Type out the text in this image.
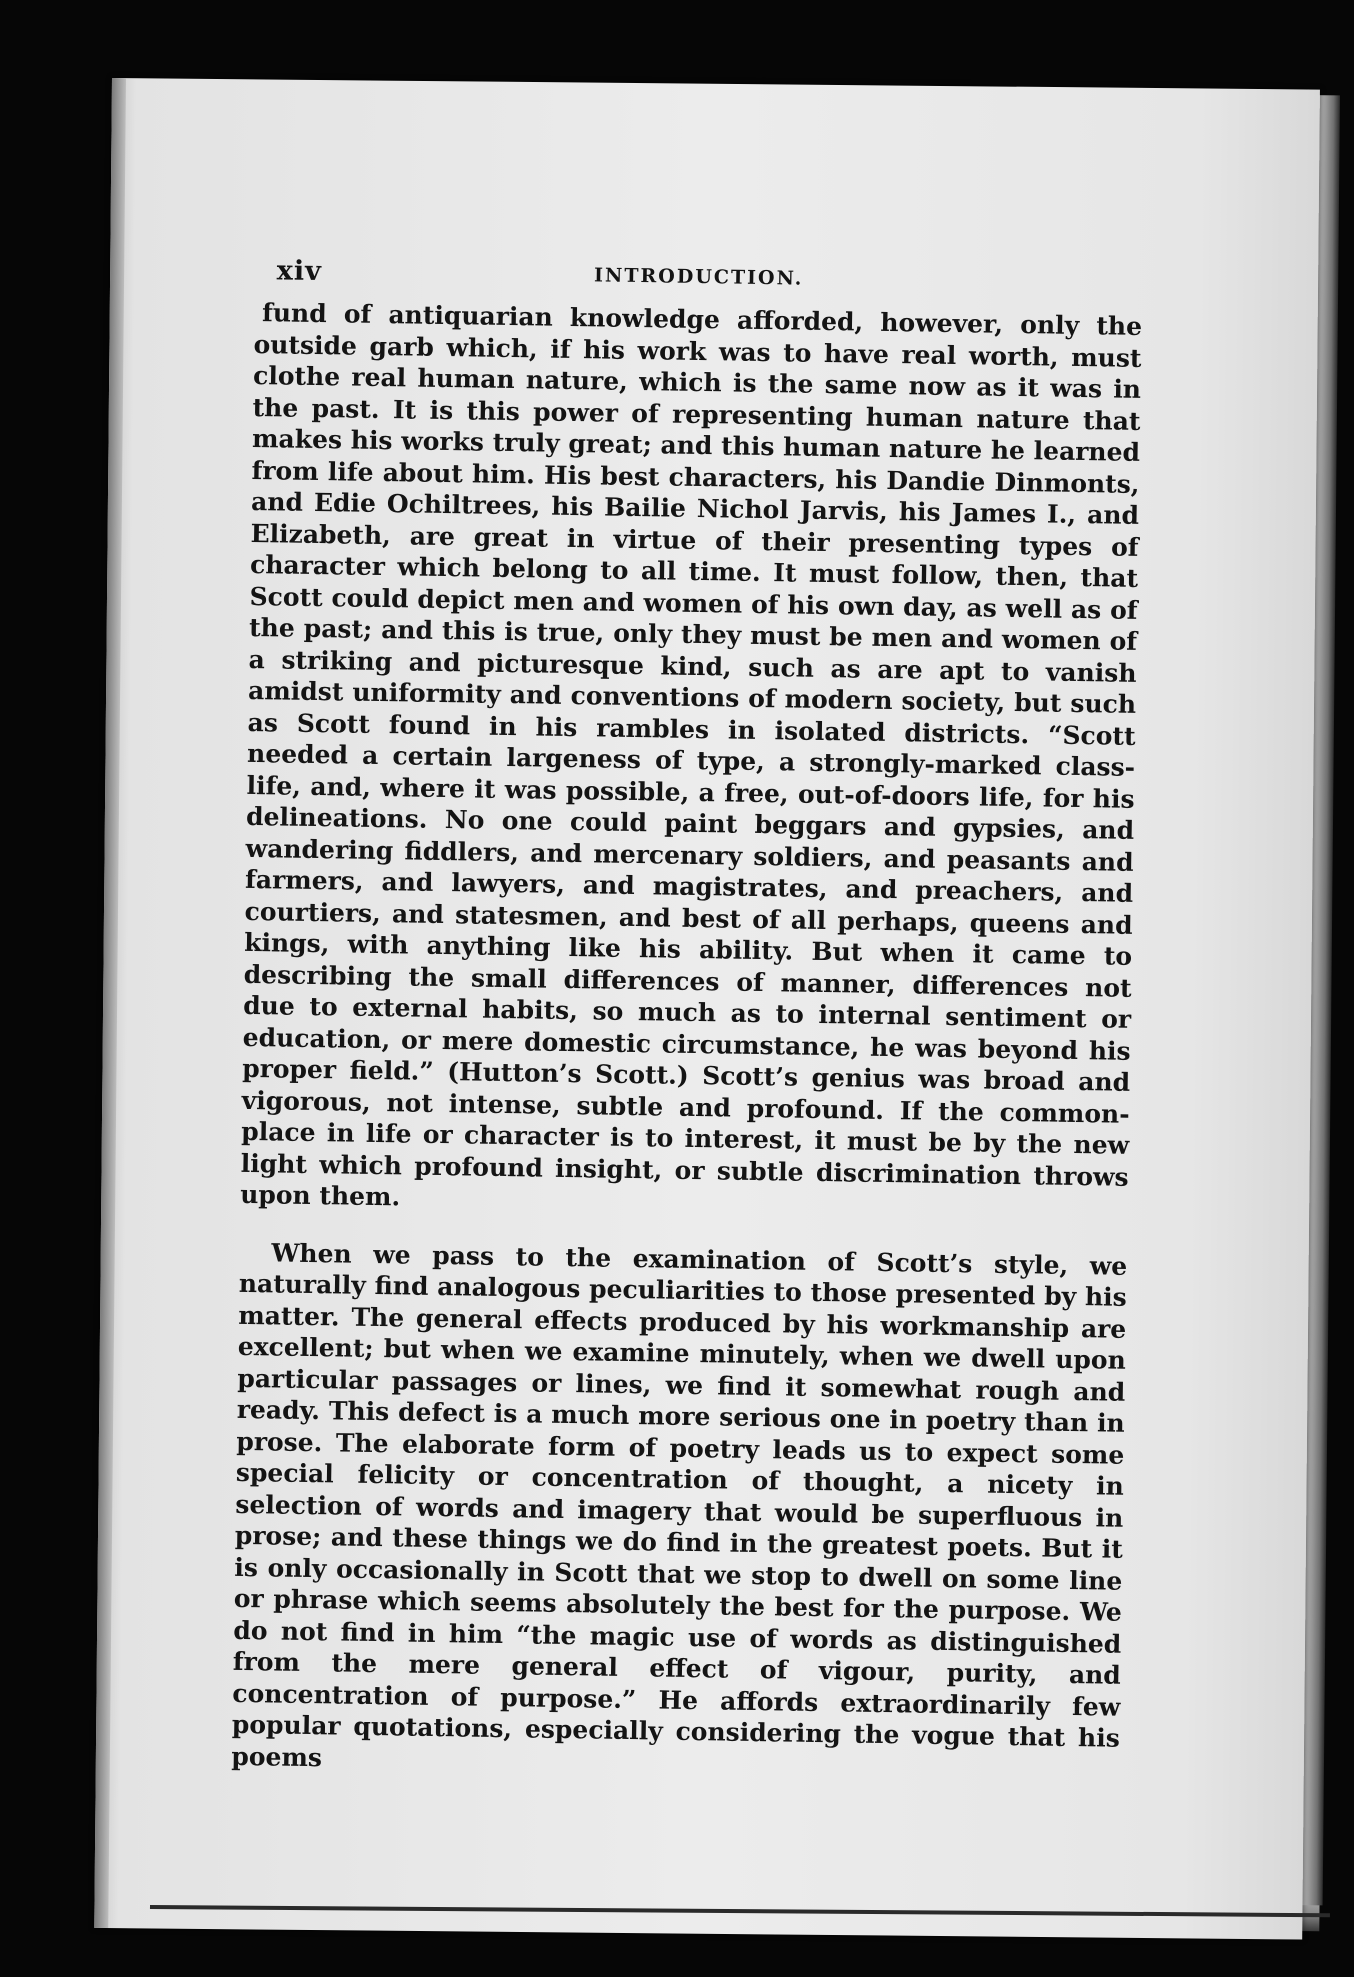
xiv	INTRODUCTION.

fund of antiquarian knowledge afforded, however, only the outside garb which, if his work was to have real worth, must clothe real human nature, which is the same now as it was in the past. It is this power of representing human nature that makes his works truly great; and this human nature he learned from life about him. His best characters, his Dandie Dinmonts, and Edie Ochiltrees, his Bailie Nichol Jarvis, his James I., and Elizabeth, are great in virtue of their presenting types of character which belong to all time. It must follow, then, that Scott could depict men and women of his own day, as well as of the past; and this is true, only they must be men and women of a striking and picturesque kind, such as are apt to vanish amidst uniformity and conventions of modern society, but such as Scott found in his rambles in isolated districts. “Scott needed a certain largeness of type, a strongly-marked class-life, and, where it was possible, a free, out-of-doors life, for his delineations. No one could paint beggars and gypsies, and wandering fiddlers, and mercenary soldiers, and peasants and farmers, and lawyers, and magistrates, and preachers, and courtiers, and statesmen, and best of all perhaps, queens and kings, with anything like his ability. But when it came to describing the small differences of manner, differences not due to external habits, so much as to internal sentiment or education, or mere domestic circumstance, he was beyond his proper field.” (Hutton’s Scott.) Scott’s genius was broad and vigorous, not intense, subtle and profound. If the common-place in life or character is to interest, it must be by the new light which profound insight, or subtle discrimination throws upon them.

When we pass to the examination of Scott’s style, we naturally find analogous peculiarities to those presented by his matter. The general effects produced by his workmanship are excellent; but when we examine minutely, when we dwell upon particular passages or lines, we find it somewhat rough and ready. This defect is a much more serious one in poetry than in prose. The elaborate form of poetry leads us to expect some special felicity or concentration of thought, a nicety in selection of words and imagery that would be superfluous in prose; and these things we do find in the greatest poets. But it is only occasionally in Scott that we stop to dwell on some line or phrase which seems absolutely the best for the purpose. We do not find in him “the magic use of words as distinguished from the mere general effect of vigour, purity, and concentration of purpose.” He affords extraordinarily few popular quotations, especially considering the vogue that his poems
